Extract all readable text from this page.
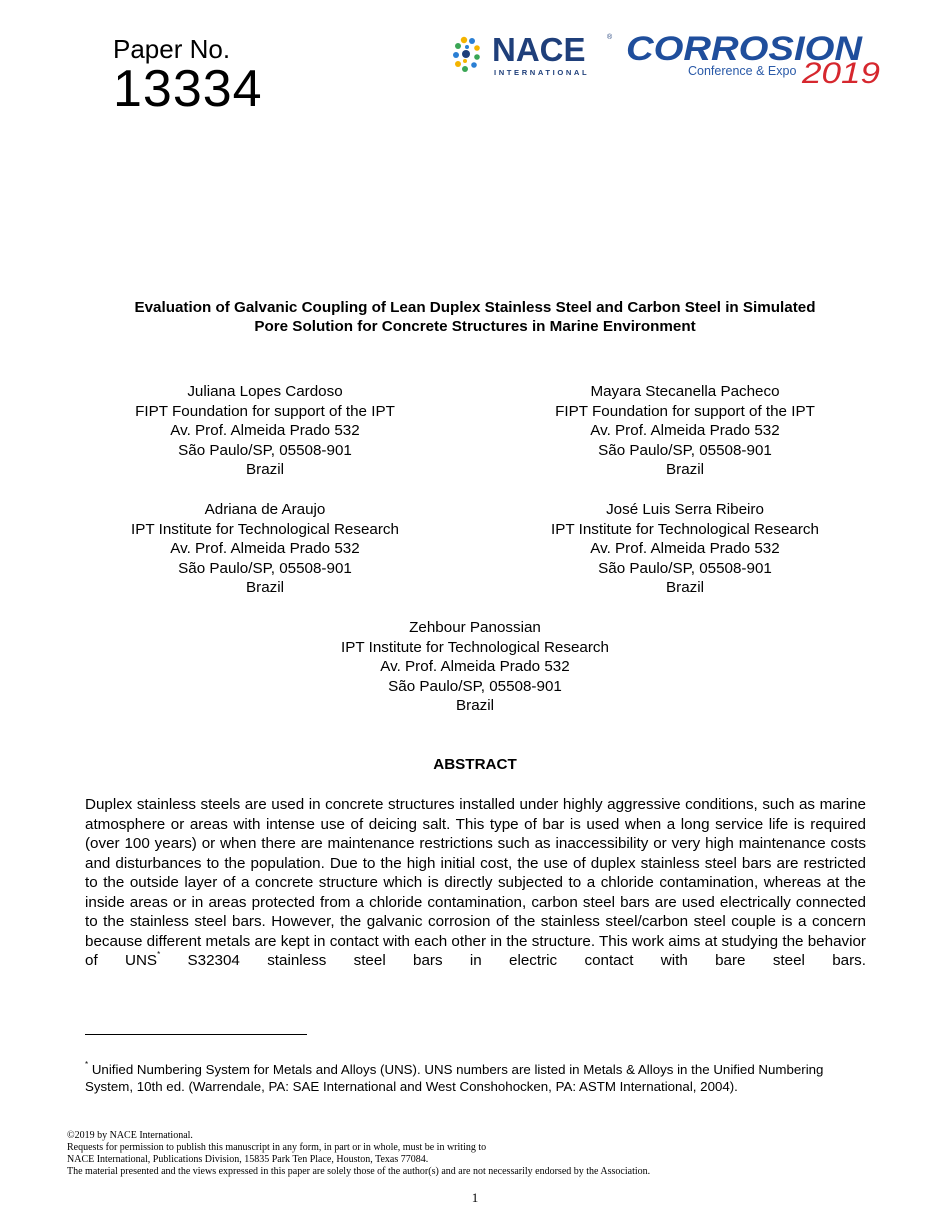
Paper No.
13334
NACE	®
INTERNATIONAL
CORROSION
Conference & Expo 2019
Evaluation of Galvanic Coupling of Lean Duplex Stainless Steel and Carbon Steel in Simulated
Pore Solution for Concrete Structures in Marine Environment
Juliana Lopes Cardoso
FIPT Foundation for support of the IPT
Av. Prof. Almeida Prado 532
São Paulo/SP, 05508-901
Brazil
Mayara Stecanella Pacheco
FIPT Foundation for support of the IPT
Av. Prof. Almeida Prado 532
São Paulo/SP, 05508-901
Brazil
Adriana de Araujo
IPT Institute for Technological Research
Av. Prof. Almeida Prado 532
São Paulo/SP, 05508-901
Brazil
José Luis Serra Ribeiro
IPT Institute for Technological Research
Av. Prof. Almeida Prado 532
São Paulo/SP, 05508-901
Brazil
Zehbour Panossian
IPT Institute for Technological Research
Av. Prof. Almeida Prado 532
São Paulo/SP, 05508-901
Brazil
ABSTRACT
Duplex stainless steels are used in concrete structures installed under highly aggressive conditions, such as marine atmosphere or areas with intense use of deicing salt. This type of bar is used when a long service life is required (over 100 years) or when there are maintenance restrictions such as inaccessibility or very high maintenance costs and disturbances to the population. Due to the high initial cost, the use of duplex stainless steel bars are restricted to the outside layer of a concrete structure which is directly subjected to a chloride contamination, whereas at the inside areas or in areas protected from a chloride contamination, carbon steel bars are used electrically connected to the stainless steel bars. However, the galvanic corrosion of the stainless steel/carbon steel couple is a concern because different metals are kept in contact with each other in the structure. This work aims at studying the behavior of UNS* S32304 stainless steel bars in electric contact with bare steel bars.
* Unified Numbering System for Metals and Alloys (UNS). UNS numbers are listed in Metals & Alloys in the Unified Numbering System, 10th ed. (Warrendale, PA: SAE International and West Conshohocken, PA: ASTM International, 2004).
©2019 by NACE International.
Requests for permission to publish this manuscript in any form, in part or in whole, must be in writing to
NACE International, Publications Division, 15835 Park Ten Place, Houston, Texas 77084.
The material presented and the views expressed in this paper are solely those of the author(s) and are not necessarily endorsed by the Association.
1
